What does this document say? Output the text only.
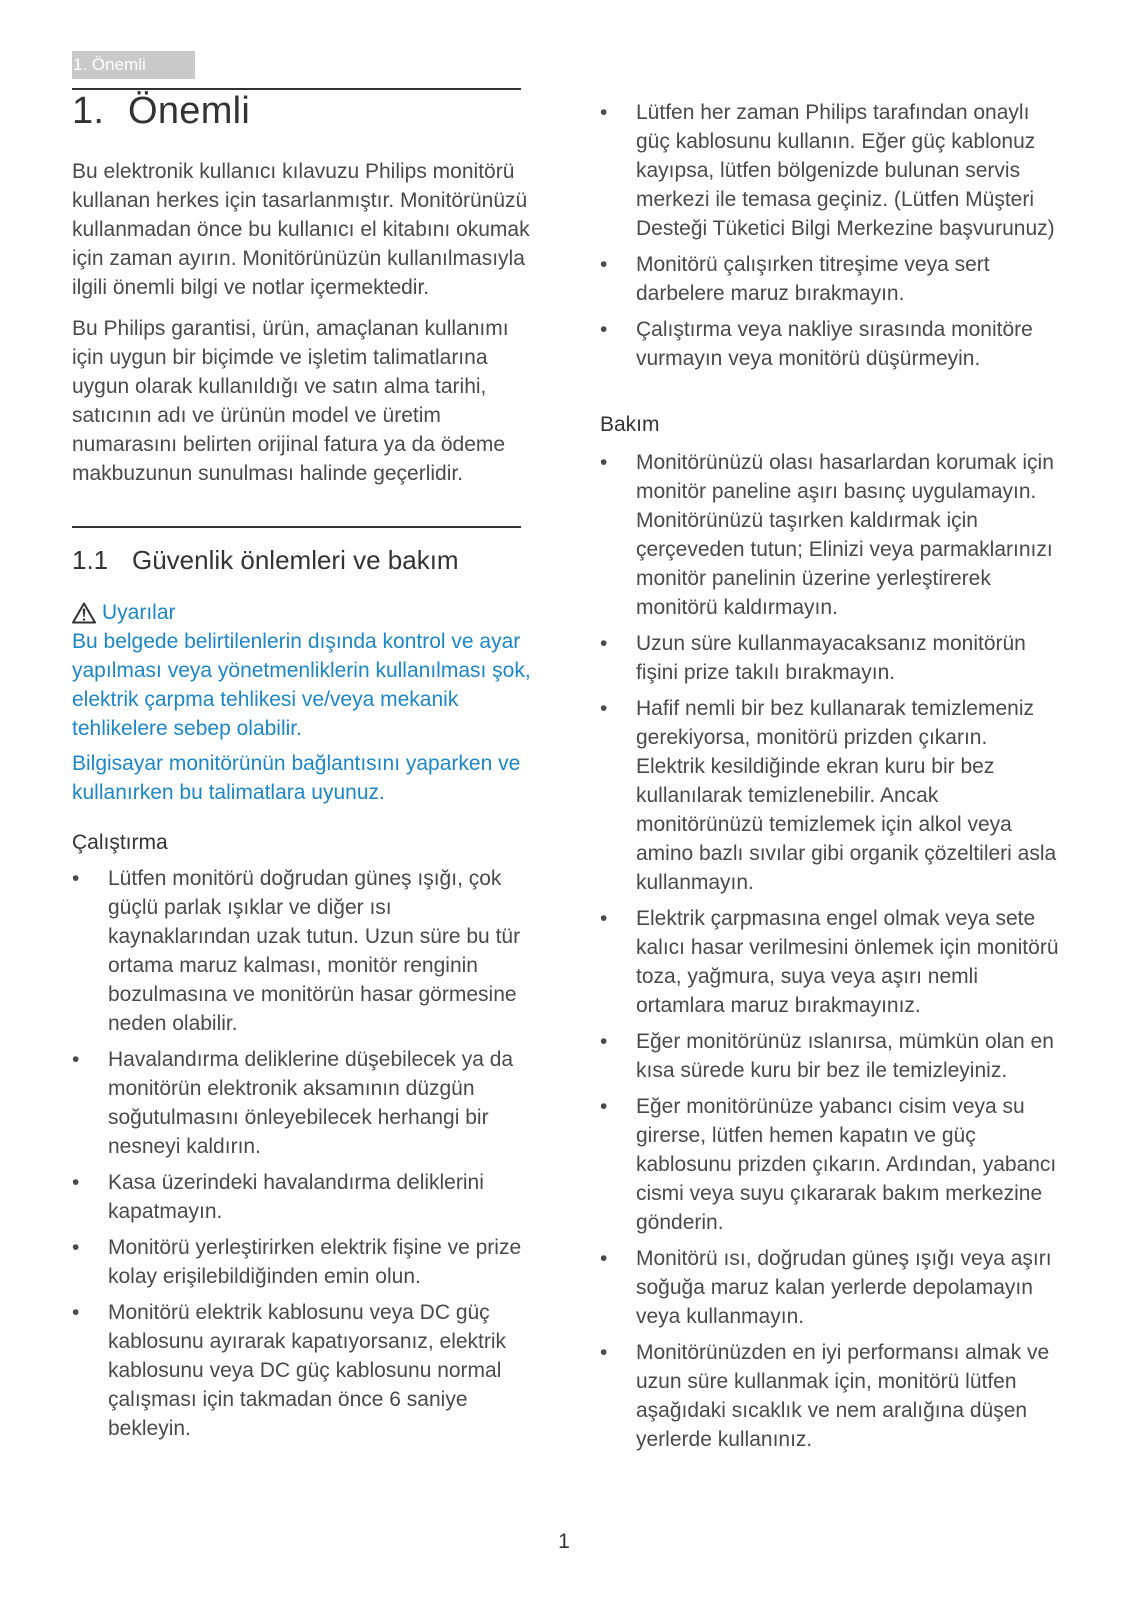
1. Önemli
1. Önemli

Bu elektronik kullanıcı kılavuzu Philips monitörü kullanan herkes için tasarlanmıştır. Monitörünüzü kullanmadan önce bu kullanıcı el kitabını okumak için zaman ayırın. Monitörünüzün kullanılmasıyla ilgili önemli bilgi ve notlar içermektedir.

Bu Philips garantisi, ürün, amaçlanan kullanımı için uygun bir biçimde ve işletim talimatlarına uygun olarak kullanıldığı ve satın alma tarihi, satıcının adı ve ürünün model ve üretim numarasını belirten orijinal fatura ya da ödeme makbuzunun sunulması halinde geçerlidir.

1.1 Güvenlik önlemleri ve bakım
Uyarılar

Bu belgede belirtilenlerin dışında kontrol ve ayar yapılması veya yönetmenliklerin kullanılması şok, elektrik çarpma tehlikesi ve/veya mekanik tehlikelere sebep olabilir.

Bilgisayar monitörünün bağlantısını yaparken ve kullanırken bu talimatlara uyunuz.

Çalıştırma
• Lütfen monitörü doğrudan güneş ışığı, çok güçlü parlak ışıklar ve diğer ısı kaynaklarından uzak tutun. Uzun süre bu tür ortama maruz kalması, monitör renginin bozulmasına ve monitörün hasar görmesine neden olabilir.
• Havalandırma deliklerine düşebilecek ya da monitörün elektronik aksamının düzgün soğutulmasını önleyebilecek herhangi bir nesneyi kaldırın.
• Kasa üzerindeki havalandırma deliklerini kapatmayın.
• Monitörü yerleştirirken elektrik fişine ve prize kolay erişilebildiğinden emin olun.
• Monitörü elektrik kablosunu veya DC güç kablosunu ayırarak kapatıyorsanız, elektrik kablosunu veya DC güç kablosunu normal çalışması için takmadan önce 6 saniye bekleyin.
• Lütfen her zaman Philips tarafından onaylı güç kablosunu kullanın. Eğer güç kablonuz kayıpsa, lütfen bölgenizde bulunan servis merkezi ile temasa geçiniz. (Lütfen Müşteri Desteği Tüketici Bilgi Merkezine başvurunuz)
• Monitörü çalışırken titreşime veya sert darbelere maruz bırakmayın.
• Çalıştırma veya nakliye sırasında monitöre vurmayın veya monitörü düşürmeyin.
Bakım
• Monitörünüzü olası hasarlardan korumak için monitör paneline aşırı basınç uygulamayın. Monitörünüzü taşırken kaldırmak için çerçeveden tutun; Elinizi veya parmaklarınızı monitör panelinin üzerine yerleştirerek monitörü kaldırmayın.
• Uzun süre kullanmayacaksanız monitörün fişini prize takılı bırakmayın.
• Hafif nemli bir bez kullanarak temizlemeniz gerekiyorsa, monitörü prizden çıkarın. Elektrik kesildiğinde ekran kuru bir bez kullanılarak temizlenebilir. Ancak monitörünüzü temizlemek için alkol veya amino bazlı sıvılar gibi organik çözeltileri asla kullanmayın.
• Elektrik çarpmasına engel olmak veya sete kalıcı hasar verilmesini önlemek için monitörü toza, yağmura, suya veya aşırı nemli ortamlara maruz bırakmayınız.
• Eğer monitörünüz ıslanırsa, mümkün olan en kısa sürede kuru bir bez ile temizleyiniz.
• Eğer monitörünüze yabancı cisim veya su girerse, lütfen hemen kapatın ve güç kablosunu prizden çıkarın. Ardından, yabancı cismi veya suyu çıkararak bakım merkezine gönderin.
• Monitörü ısı, doğrudan güneş ışığı veya aşırı soğuğa maruz kalan yerlerde depolamayın veya kullanmayın.
• Monitörünüzden en iyi performansı almak ve uzun süre kullanmak için, monitörü lütfen aşağıdaki sıcaklık ve nem aralığına düşen yerlerde kullanınız.
1
